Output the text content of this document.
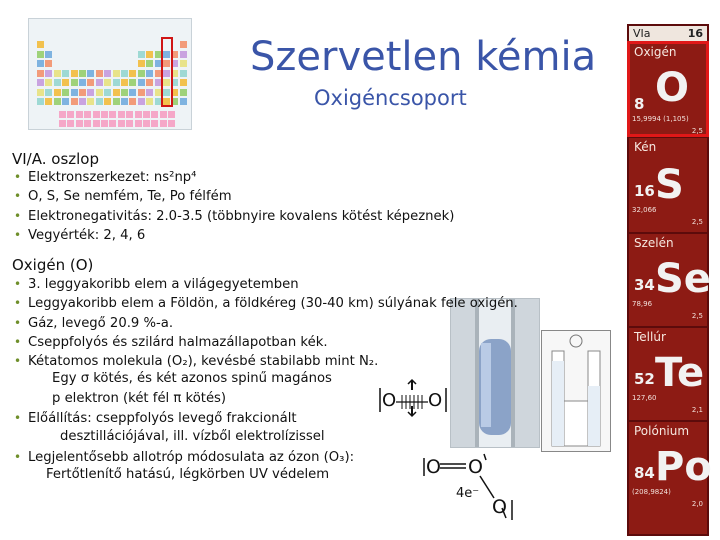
Szervetlen kémia
Oxigéncsoport
VI/A. oszlop
• Elektronszerkezet: ns²np⁴
• O, S, Se nemfém, Te, Po félfém
• Elektronegativitás: 2.0-3.5 (többnyire kovalens kötést képeznek)
• Vegyérték: 2, 4, 6
Oxigén (O)
• 3. leggyakoribb elem a világegyetemben
• Leggyakoribb elem a Földön, a földkéreg (30-40 km) súlyának fele oxigén.
• Gáz, levegő 20.9 %-a.
• Cseppfolyós és szilárd halmazállapotban kék.
• Kétatomos molekula (O₂), kevésbé stabilabb mint N₂.
Egy σ kötés, és két azonos spinű magános
p elektron (két fél π kötés)
• Előállítás: cseppfolyós levegő frakcionált
desztillációjával, ill. vízből elektrolízissel
• Legjelentősebb allotróp módosulata az ózon (O₃):
Fertőtlenítő hatású, légkörben UV védelem
O O
O O
O
4e⁻
VIa	16
Oxigén
O
8
15,9994 (1,105)
2,5
Kén
S
16
32,066
2,5
Szelén
Se
34
78,96
2,5
Tellúr
Te
52
127,60
2,1
Polónium
Po
84
(208,9824)
2,0
